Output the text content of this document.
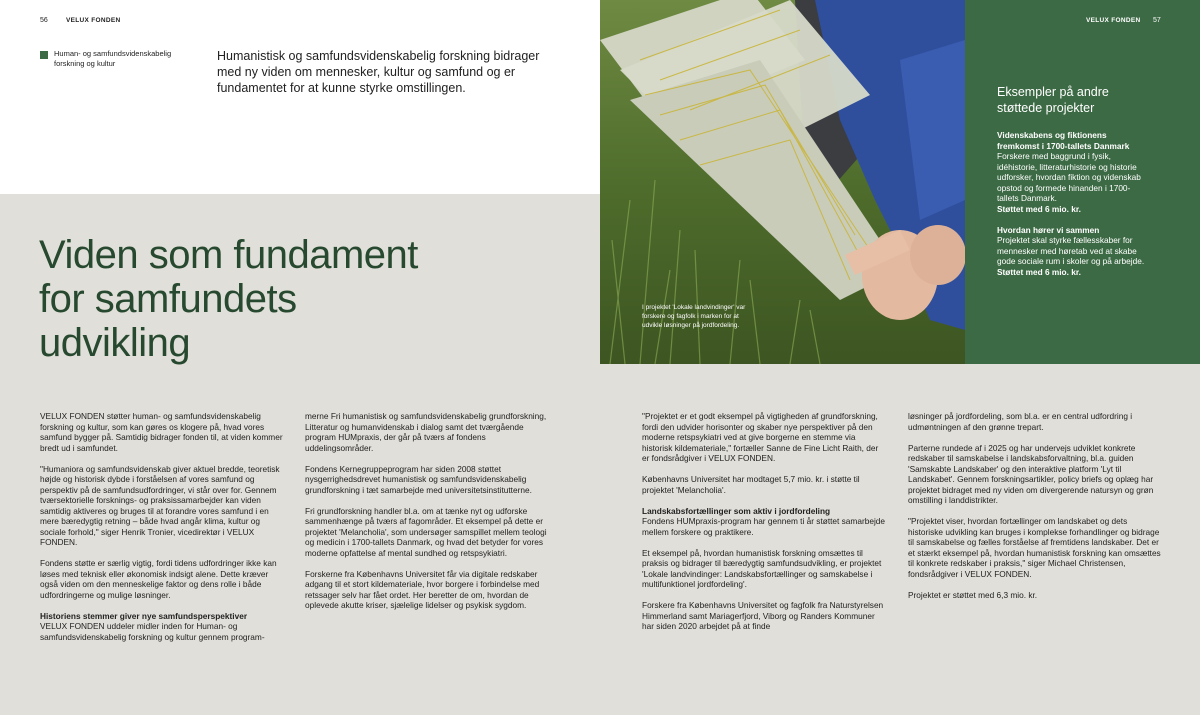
56	VELUX FONDEN
Human- og samfundsvidenskabelig forskning og kultur
Humanistisk og samfundsvidenskabelig forskning bidrager med ny viden om mennesker, kultur og samfund og er fundamentet for at kunne styrke omstillingen.
Viden som fundament
for samfundets
udvikling

VELUX FONDEN støtter human- og samfundsvidenskabelig forskning og kultur, som kan gøres os klogere på, hvad vores samfund bygger på. Samtidig bidrager fonden til, at viden kommer bredt ud i samfundet.

"Humaniora og samfundsvidenskab giver aktuel bredde, teoretisk højde og historisk dybde i forståelsen af vores samfund og perspektiv på de samfundsudfordringer, vi står over for. Gennem tværsektorielle forsknings- og praksissamarbejder kan viden samtidig aktiveres og bruges til at forandre vores samfund i en mere bæredygtig retning – både hvad angår klima, kultur og sociale forhold," siger Henrik Tronier, vicedirektør i VELUX FONDEN.

Fondens støtte er særlig vigtig, fordi tidens udfordringer ikke kan løses med teknisk eller økonomisk indsigt alene. Dette kræver også viden om den menneskelige faktor og dens rolle i både udfordringerne og mulige løsninger.

Historiens stemmer giver nye samfundsperspektiver
VELUX FONDEN uddeler midler inden for Human- og samfundsvidenskabelig forskning og kultur gennem program-

merne Fri humanistisk og samfundsvidenskabelig grundforskning, Litteratur og humanvidenskab i dialog samt det tværgående program HUMpraxis, der går på tværs af fondens uddelingsområder.

Fondens Kernegruppeprogram har siden 2008 støttet nysgerrighedsdrevet humanistisk og samfundsvidenskabelig grundforskning i tæt samarbejde med universitetsinstitutterne.

Fri grundforskning handler bl.a. om at tænke nyt og udforske sammenhænge på tværs af fagområder. Et eksempel på dette er projektet 'Melancholia', som undersøger samspillet mellem teologi og medicin i 1700-tallets Danmark, og hvad det betyder for vores moderne opfattelse af mental sundhed og retspsykiatri.

Forskerne fra Københavns Universitet får via digitale redskaber adgang til et stort kildemateriale, hvor borgere i forbindelse med retssager selv har fået ordet. Her beretter de om, hvordan de oplevede akutte kriser, sjælelige lidelser og psykisk sygdom.

I projektet 'Lokale landvindinger' var forskere og fagfolk i marken for at udvikle løsninger på jordfordeling.
VELUX FONDEN 57
Eksempler på andre støttede projekter
Videnskabens og fiktionens fremkomst i 1700-tallets Danmark
Forskere med baggrund i fysik, idéhistorie, litteraturhistorie og historie udforsker, hvordan fiktion og videnskab opstod og formede hinanden i 1700-tallets Danmark.
Støttet med 6 mio. kr.
Hvordan hører vi sammen
Projektet skal styrke fællesskaber for mennesker med høretab ved at skabe gode sociale rum i skoler og på arbejde.
Støttet med 6 mio. kr.

"Projektet er et godt eksempel på vigtigheden af grundforskning, fordi den udvider horisonter og skaber nye perspektiver på den moderne retspsykiatri ved at give borgerne en stemme via historisk kildemateriale," fortæller Sanne de Fine Licht Raith, der er fondsrådgiver i VELUX FONDEN.

Københavns Universitet har modtaget 5,7 mio. kr. i støtte til projektet 'Melancholia'.

Landskabsfortællinger som aktiv i jordfordeling

Fondens HUMpraxis-program har gennem ti år støttet samarbejde mellem forskere og praktikere.

Et eksempel på, hvordan humanistisk forskning omsættes til praksis og bidrager til bæredygtig samfundsudvikling, er projektet 'Lokale landvindinger: Landskabsfortællinger og samskabelse i multifunktionel jordfordeling'.

Forskere fra Københavns Universitet og fagfolk fra Naturstyrelsen Himmerland samt Mariagerfjord, Viborg og Randers Kommuner har siden 2020 arbejdet på at finde

løsninger på jordfordeling, som bl.a. er en central udfordring i udmøntningen af den grønne trepart.

Parterne rundede af i 2025 og har undervejs udviklet konkrete redskaber til samskabelse i landskabsforvaltning, bl.a. guiden 'Samskabte Landskaber' og den interaktive platform 'Lyt til Landskabet'. Gennem forskningsartikler, policy briefs og oplæg har projektet bidraget med ny viden om divergerende natursyn og grøn omstilling i landdistrikter.

"Projektet viser, hvordan fortællinger om landskabet og dets historiske udvikling kan bruges i komplekse forhandlinger og bidrage til samskabelse og fælles forståelse af fremtidens landskaber. Det er et stærkt eksempel på, hvordan humanistisk forskning kan omsættes til konkrete redskaber i praksis," siger Michael Christensen, fondsrådgiver i VELUX FONDEN.

Projektet er støttet med 6,3 mio. kr.
